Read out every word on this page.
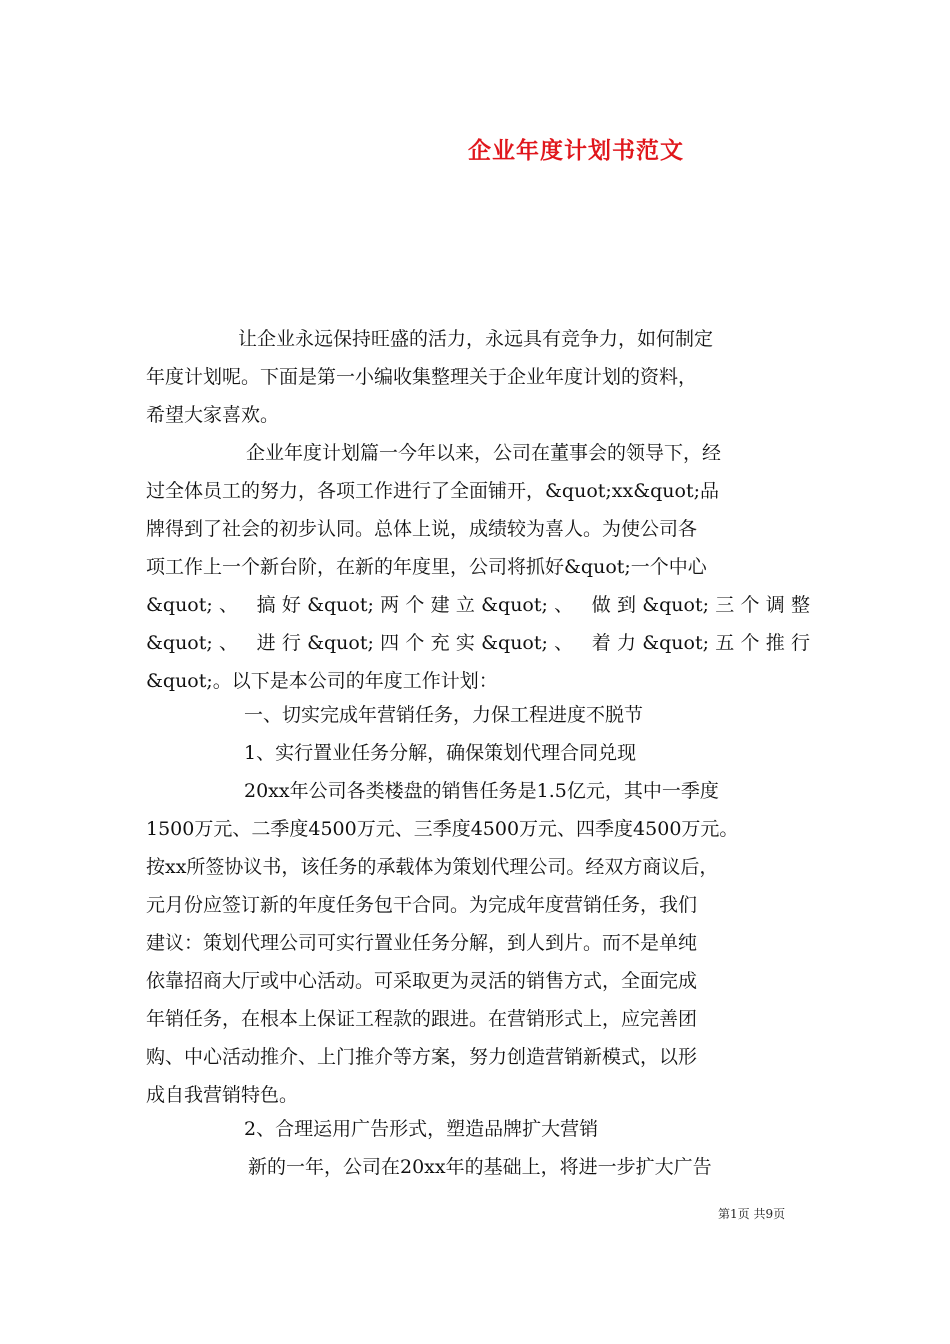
企业年度计划书范文
让企业永远保持旺盛的活力，永远具有竞争力，如何制定
年度计划呢。下面是第一小编收集整理关于企业年度计划的资料，
希望大家喜欢。
企业年度计划篇一今年以来，公司在董事会的领导下，经
过全体员工的努力，各项工作进行了全面铺开，&quot;xx&quot;品
牌得到了社会的初步认同。总体上说，成绩较为喜人。为使公司各
项工作上一个新台阶，在新的年度里，公司将抓好&quot;一个中心
&quot;、 搞好&quot;两个建立&quot;、 做到&quot;三个调整
&quot;、 进行&quot;四个充实&quot;、 着力&quot;五个推行
&quot;。以下是本公司的年度工作计划：
一、切实完成年营销任务，力保工程进度不脱节
1、实行置业任务分解，确保策划代理合同兑现
20xx年公司各类楼盘的销售任务是1.5亿元，其中一季度
1500万元、二季度4500万元、三季度4500万元、四季度4500万元。
按xx所签协议书，该任务的承载体为策划代理公司。经双方商议后，
元月份应签订新的年度任务包干合同。为完成年度营销任务，我们
建议：策划代理公司可实行置业任务分解，到人到片。而不是单纯
依靠招商大厅或中心活动。可采取更为灵活的销售方式，全面完成
年销任务，在根本上保证工程款的跟进。在营销形式上，应完善团
购、中心活动推介、上门推介等方案，努力创造营销新模式，以形
成自我营销特色。
2、合理运用广告形式，塑造品牌扩大营销
新的一年，公司在20xx年的基础上，将进一步扩大广告
第1页 共9页
